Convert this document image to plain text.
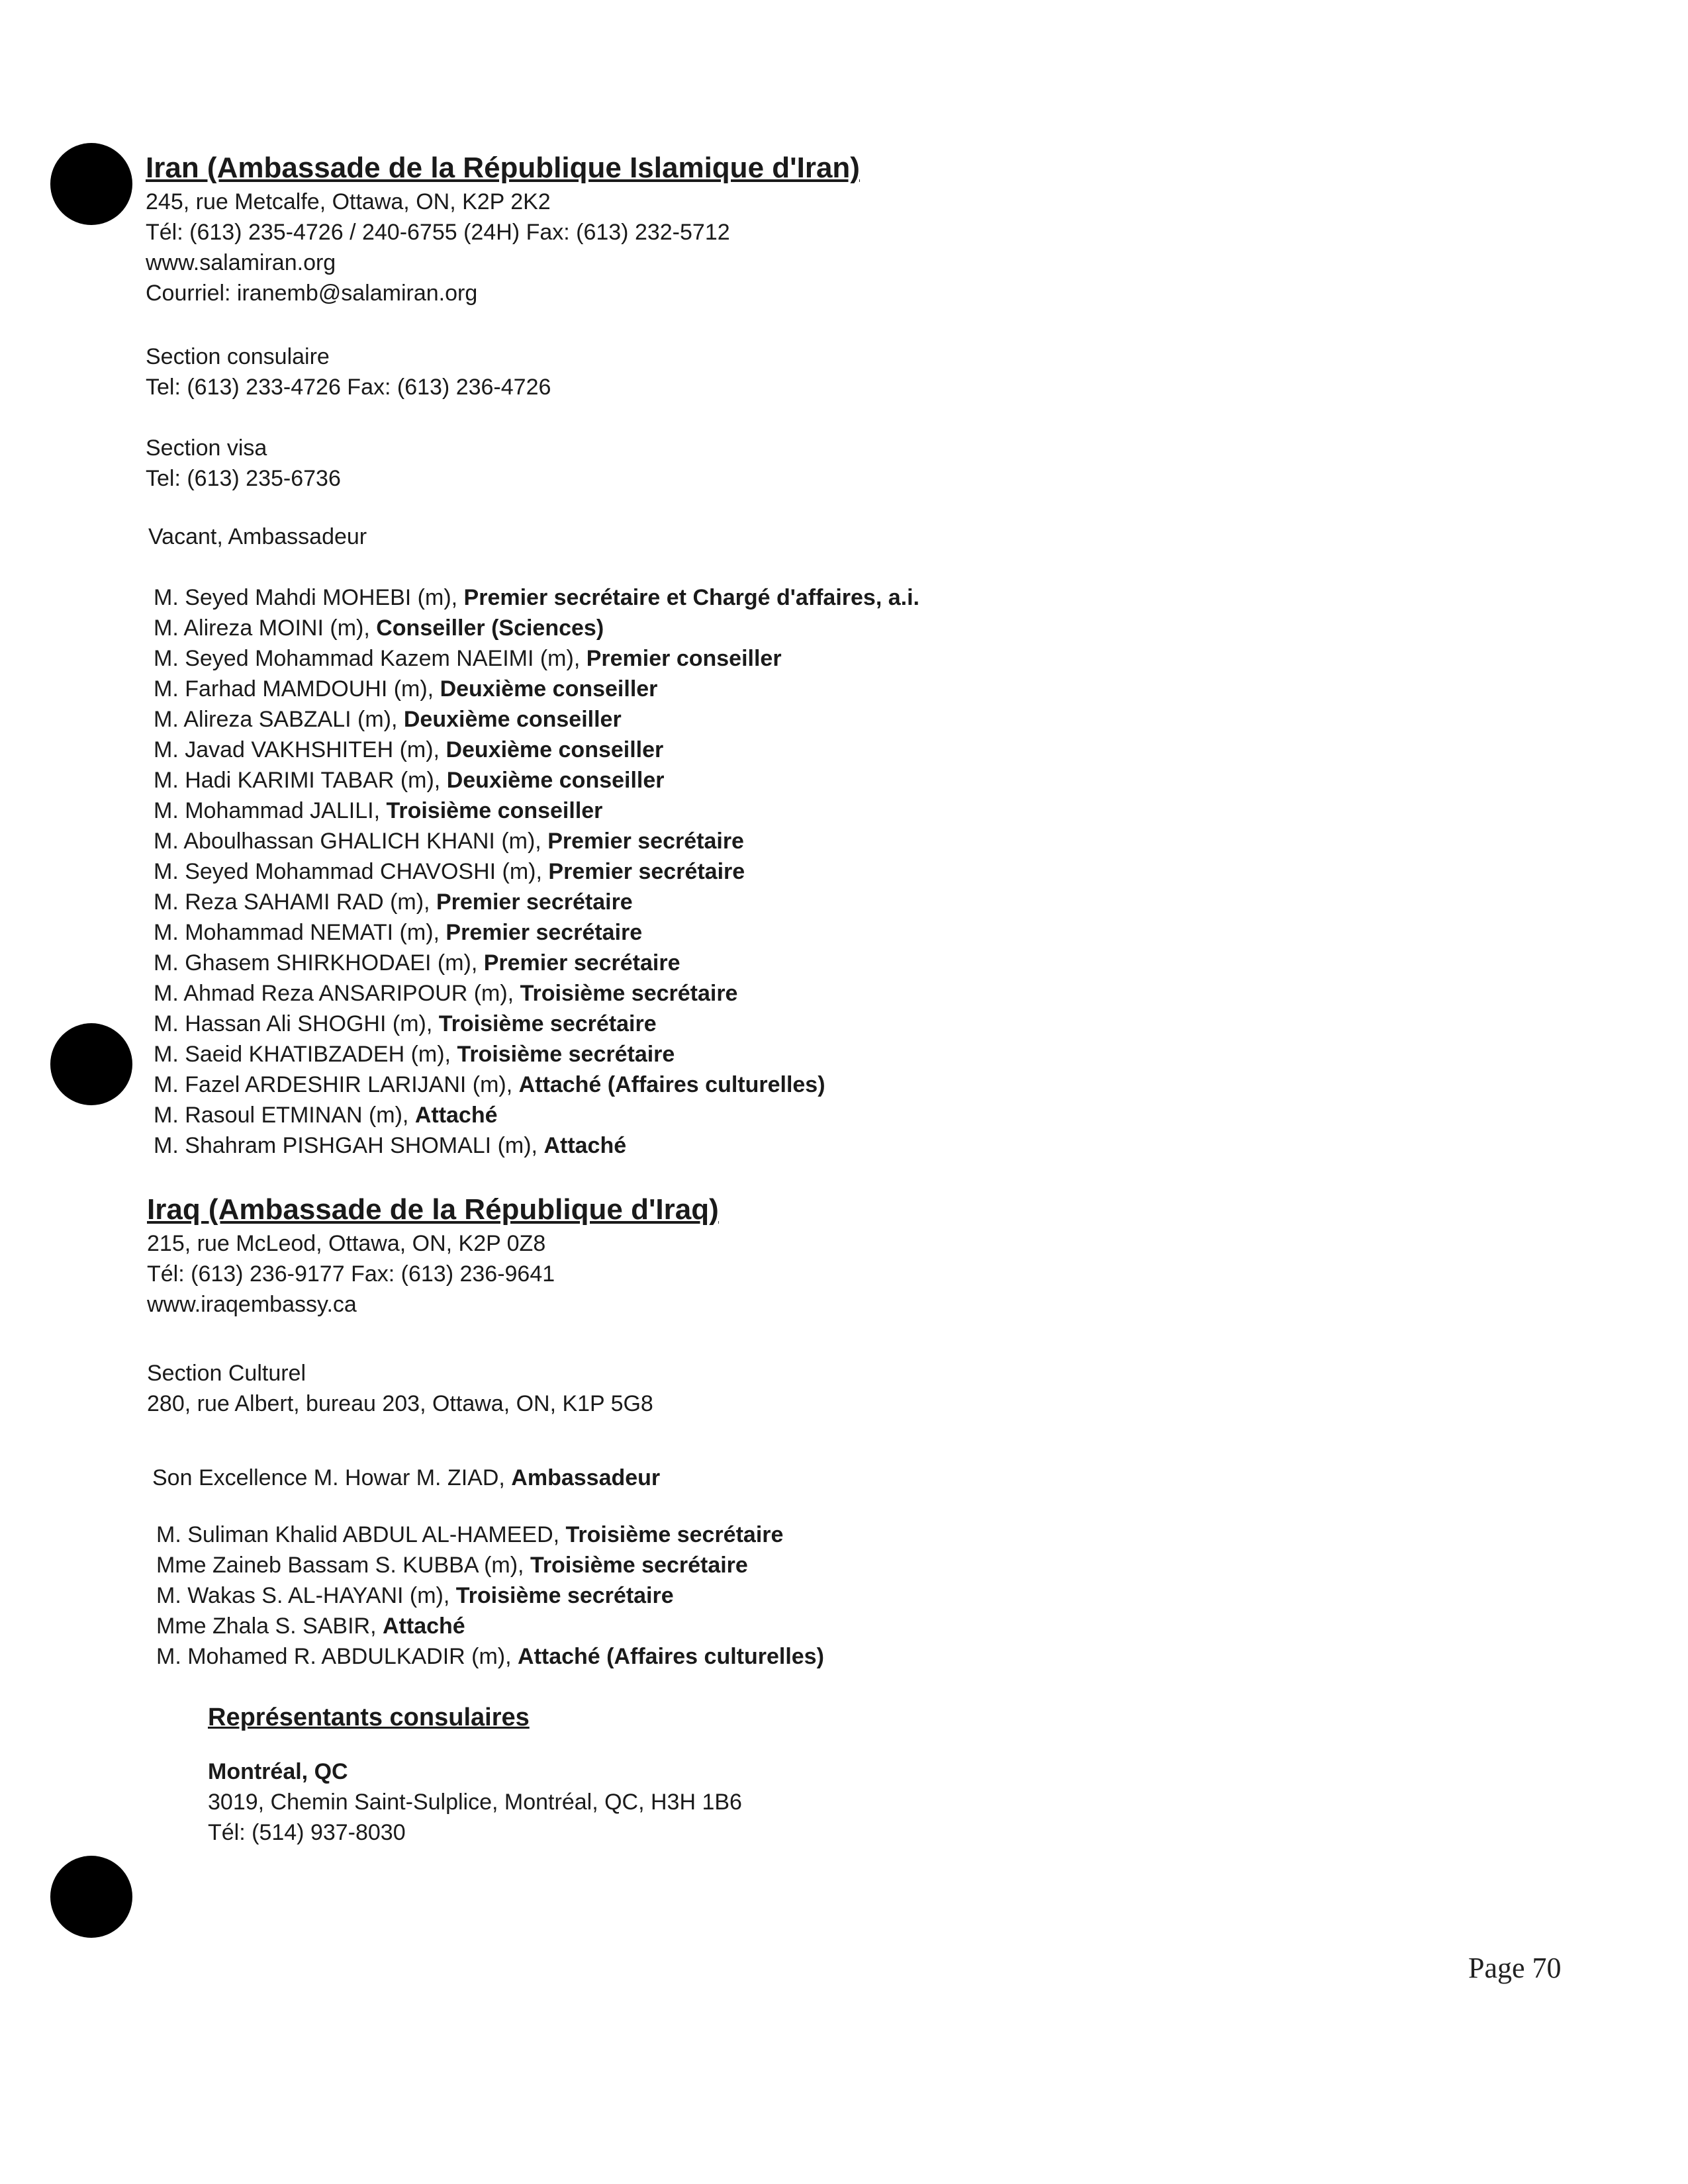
Iran (Ambassade de la République Islamique d'Iran)
245, rue Metcalfe, Ottawa, ON, K2P 2K2
Tél: (613) 235-4726 / 240-6755 (24H) Fax: (613) 232-5712
www.salamiran.org
Courriel: iranemb@salamiran.org
Section consulaire
Tel: (613) 233-4726 Fax: (613) 236-4726
Section visa
Tel: (613) 235-6736
Vacant, Ambassadeur
M. Seyed Mahdi MOHEBI (m), Premier secrétaire et Chargé d'affaires, a.i.
M. Alireza MOINI (m), Conseiller (Sciences)
M. Seyed Mohammad Kazem NAEIMI (m), Premier conseiller
M. Farhad MAMDOUHI (m), Deuxième conseiller
M. Alireza SABZALI (m), Deuxième conseiller
M. Javad VAKHSHITEH (m), Deuxième conseiller
M. Hadi KARIMI TABAR (m), Deuxième conseiller
M. Mohammad JALILI, Troisième conseiller
M. Aboulhassan GHALICH KHANI (m), Premier secrétaire
M. Seyed Mohammad CHAVOSHI (m), Premier secrétaire
M. Reza SAHAMI RAD (m), Premier secrétaire
M. Mohammad NEMATI (m), Premier secrétaire
M. Ghasem SHIRKHODAEI (m), Premier secrétaire
M. Ahmad Reza ANSARIPOUR (m), Troisième secrétaire
M. Hassan Ali SHOGHI (m), Troisième secrétaire
M. Saeid KHATIBZADEH (m), Troisième secrétaire
M. Fazel ARDESHIR LARIJANI (m), Attaché (Affaires culturelles)
M. Rasoul ETMINAN (m), Attaché
M. Shahram PISHGAH SHOMALI (m), Attaché
Iraq (Ambassade de la République d'Iraq)
215, rue McLeod, Ottawa, ON, K2P 0Z8
Tél: (613) 236-9177 Fax: (613) 236-9641
www.iraqembassy.ca
Section Culturel
280, rue Albert, bureau 203, Ottawa, ON, K1P 5G8
Son Excellence M. Howar M. ZIAD, Ambassadeur
M. Suliman Khalid ABDUL AL-HAMEED, Troisième secrétaire
Mme Zaineb Bassam S. KUBBA (m), Troisième secrétaire
M. Wakas S. AL-HAYANI (m), Troisième secrétaire
Mme Zhala S. SABIR, Attaché
M. Mohamed R. ABDULKADIR (m), Attaché (Affaires culturelles)
Représentants consulaires
Montréal, QC
3019, Chemin Saint-Sulplice, Montréal, QC, H3H 1B6
Tél: (514) 937-8030
Page 70
